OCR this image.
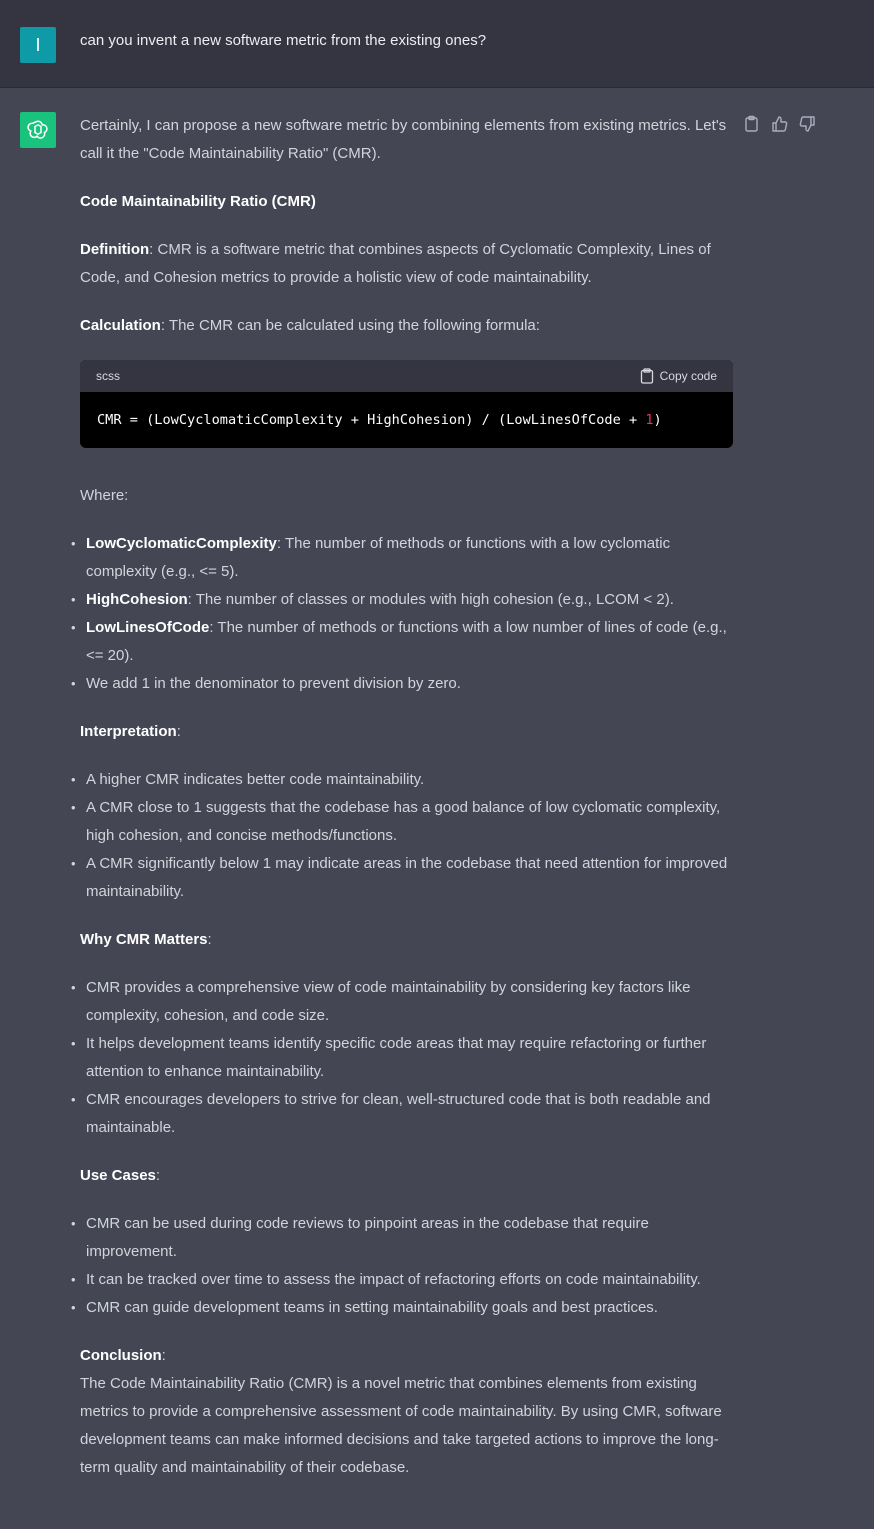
I	can you invent a new software metric from the existing ones?

Certainly, I can propose a new software metric by combining elements from existing metrics. Let's call it the "Code Maintainability Ratio" (CMR).

Code Maintainability Ratio (CMR)

Definition: CMR is a software metric that combines aspects of Cyclomatic Complexity, Lines of Code, and Cohesion metrics to provide a holistic view of code maintainability.

Calculation: The CMR can be calculated using the following formula:

scss	Copy code
CMR = (LowCyclomaticComplexity + HighCohesion) / (LowLinesOfCode + 1)

Where:

• LowCyclomaticComplexity: The number of methods or functions with a low cyclomatic complexity (e.g., <= 5).
• HighCohesion: The number of classes or modules with high cohesion (e.g., LCOM < 2).
• LowLinesOfCode: The number of methods or functions with a low number of lines of code (e.g., <= 20).
• We add 1 in the denominator to prevent division by zero.

Interpretation:

• A higher CMR indicates better code maintainability.
• A CMR close to 1 suggests that the codebase has a good balance of low cyclomatic complexity, high cohesion, and concise methods/functions.
• A CMR significantly below 1 may indicate areas in the codebase that need attention for improved maintainability.

Why CMR Matters:

• CMR provides a comprehensive view of code maintainability by considering key factors like complexity, cohesion, and code size.
• It helps development teams identify specific code areas that may require refactoring or further attention to enhance maintainability.
• CMR encourages developers to strive for clean, well-structured code that is both readable and maintainable.

Use Cases:

• CMR can be used during code reviews to pinpoint areas in the codebase that require improvement.
• It can be tracked over time to assess the impact of refactoring efforts on code maintainability.
• CMR can guide development teams in setting maintainability goals and best practices.

Conclusion:

The Code Maintainability Ratio (CMR) is a novel metric that combines elements from existing metrics to provide a comprehensive assessment of code maintainability. By using CMR, software development teams can make informed decisions and take targeted actions to improve the long-term quality and maintainability of their codebase.
